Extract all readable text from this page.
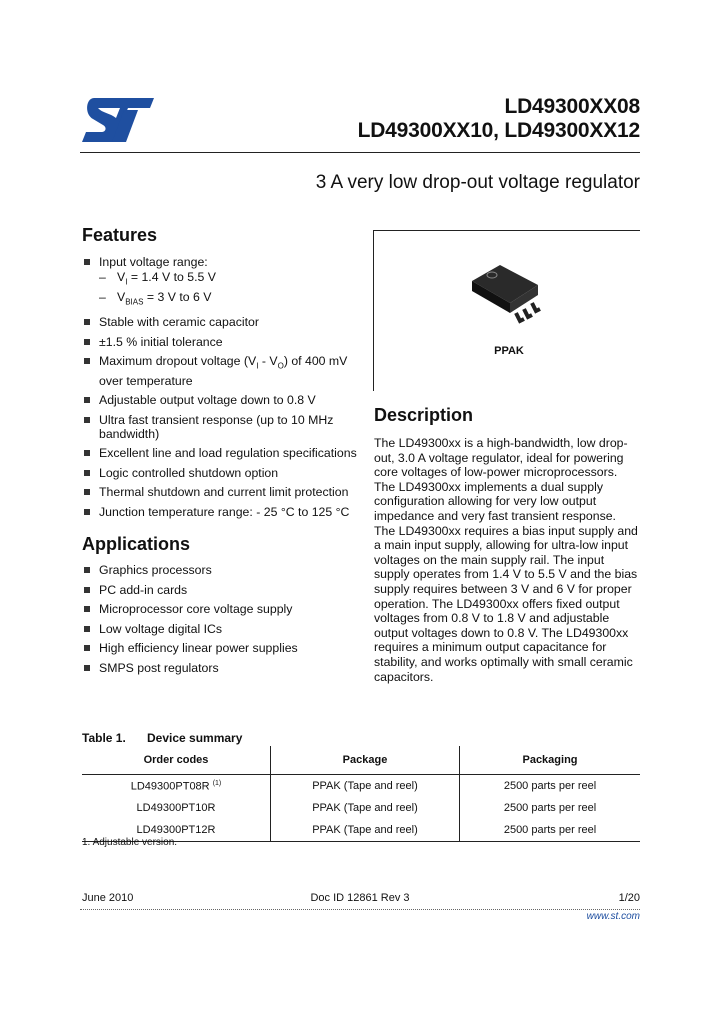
LD49300XX08
LD49300XX10, LD49300XX12
3 A very low drop-out voltage regulator
Features
Input voltage range:
– $V_I = 1.4$ V to 5.5 V
– $V_{BIAS} = 3$ V to 6 V
Stable with ceramic capacitor
±1.5 % initial tolerance
Maximum dropout voltage $(V_I - V_O)$ of 400 mV over temperature
Adjustable output voltage down to 0.8 V
Ultra fast transient response (up to 10 MHz bandwidth)
Excellent line and load regulation specifications
Logic controlled shutdown option
Thermal shutdown and current limit protection
Junction temperature range: - 25 °C to 125 °C
Applications
Graphics processors
PC add-in cards
Microprocessor core voltage supply
Low voltage digital ICs
High efficiency linear power supplies
SMPS post regulators
PPAK
Description

The LD49300xx is a high-bandwidth, low drop-out, 3.0 A voltage regulator, ideal for powering core voltages of low-power microprocessors. The LD49300xx implements a dual supply configuration allowing for very low output impedance and very fast transient response. The LD49300xx requires a bias input supply and a main input supply, allowing for ultra-low input voltages on the main supply rail. The input supply operates from 1.4 V to 5.5 V and the bias supply requires between 3 V and 6 V for proper operation. The LD49300xx offers fixed output voltages from 0.8 V to 1.8 V and adjustable output voltages down to 0.8 V. The LD49300xx requires a minimum output capacitance for stability, and works optimally with small ceramic capacitors.

Table 1. Device summary
Order codes	Package	Packaging
LD49300PT08R $^{(1)}$	PPAK (Tape and reel)	2500 parts per reel
LD49300PT10R	PPAK (Tape and reel)	2500 parts per reel
LD49300PT12R	PPAK (Tape and reel)	2500 parts per reel
1. Adjustable version.
June 2010	Doc ID 12861 Rev 3	1/20
www.st.com
